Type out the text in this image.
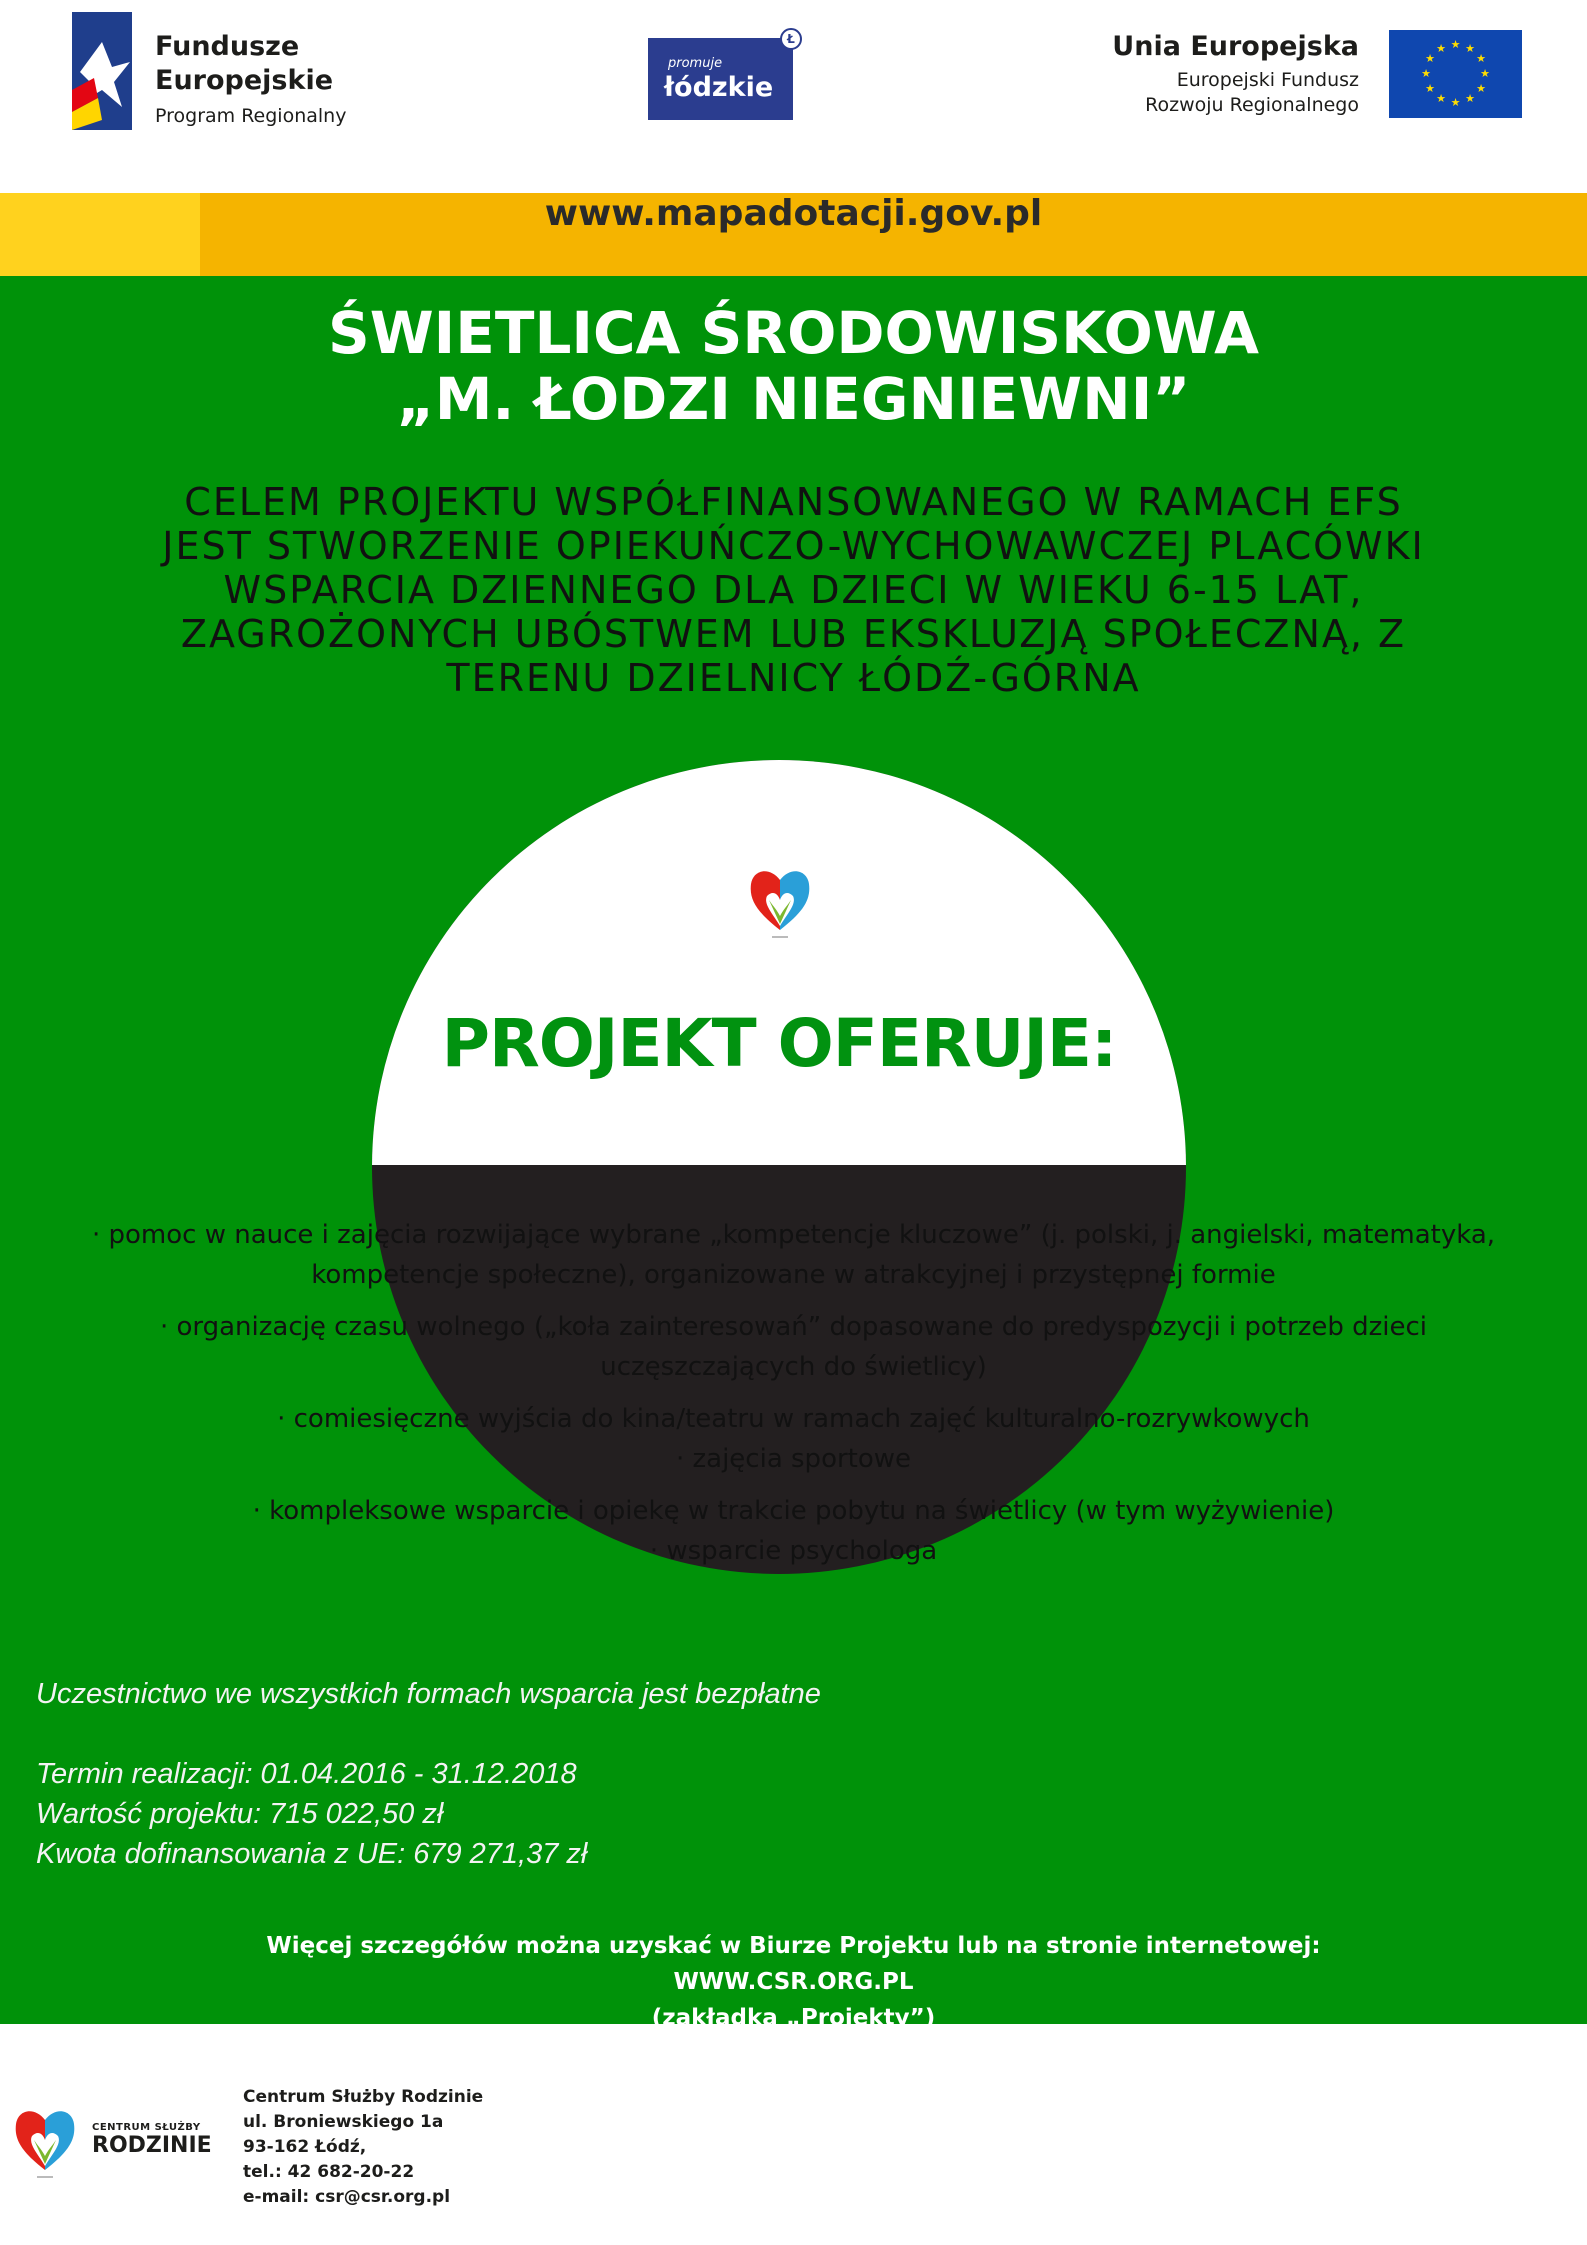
Fundusze
Europejskie
Program Regionalny
promuje
łódzkie
Ł	Unia Europejska
Europejski Fundusz
Rozwoju Regionalnego
★ ★
★
★
★
★
★
★
★
★
★
★
www.mapadotacji.gov.pl
ŚWIETLICA ŚRODOWISKOWA
„M. ŁODZI NIEGNIEWNI”
CELEM PROJEKTU WSPÓŁFINANSOWANEGO W RAMACH EFS
JEST STWORZENIE OPIEKUŃCZO-WYCHOWAWCZEJ PLACÓWKI
WSPARCIA DZIENNEGO DLA DZIECI W WIEKU 6-15 LAT,
ZAGROŻONYCH UBÓSTWEM LUB EKSKLUZJĄ SPOŁECZNĄ, Z
TERENU DZIELNICY ŁÓDŹ-GÓRNA
PROJEKT OFERUJE:
· pomoc w nauce i zajęcia rozwijające wybrane „kompetencje kluczowe” (j. polski, j. angielski, matematyka,
kompetencje społeczne), organizowane w atrakcyjnej i przystępnej formie
· organizację czasu wolnego („koła zainteresowań” dopasowane do predyspozycji i potrzeb dzieci
uczęszczających do świetlicy)
· comiesięczne wyjścia do kina/teatru w ramach zajęć kulturalno-rozrywkowych
· zajęcia sportowe
· kompleksowe wsparcie i opiekę w trakcie pobytu na świetlicy (w tym wyżywienie)
· wsparcie psychologa
Uczestnictwo we wszystkich formach wsparcia jest bezpłatne
Termin realizacji: 01.04.2016 - 31.12.2018
Wartość projektu: 715 022,50 zł
Kwota dofinansowania z UE: 679 271,37 zł
Więcej szczegółów można uzyskać w Biurze Projektu lub na stronie internetowej:
WWW.CSR.ORG.PL
(zakładka „Projekty”)
CENTRUM SŁUŻBY
RODZINIE
Centrum Służby Rodzinie
ul. Broniewskiego 1a
93-162 Łódź,
tel.: 42 682-20-22
e-mail: csr@csr.org.pl
